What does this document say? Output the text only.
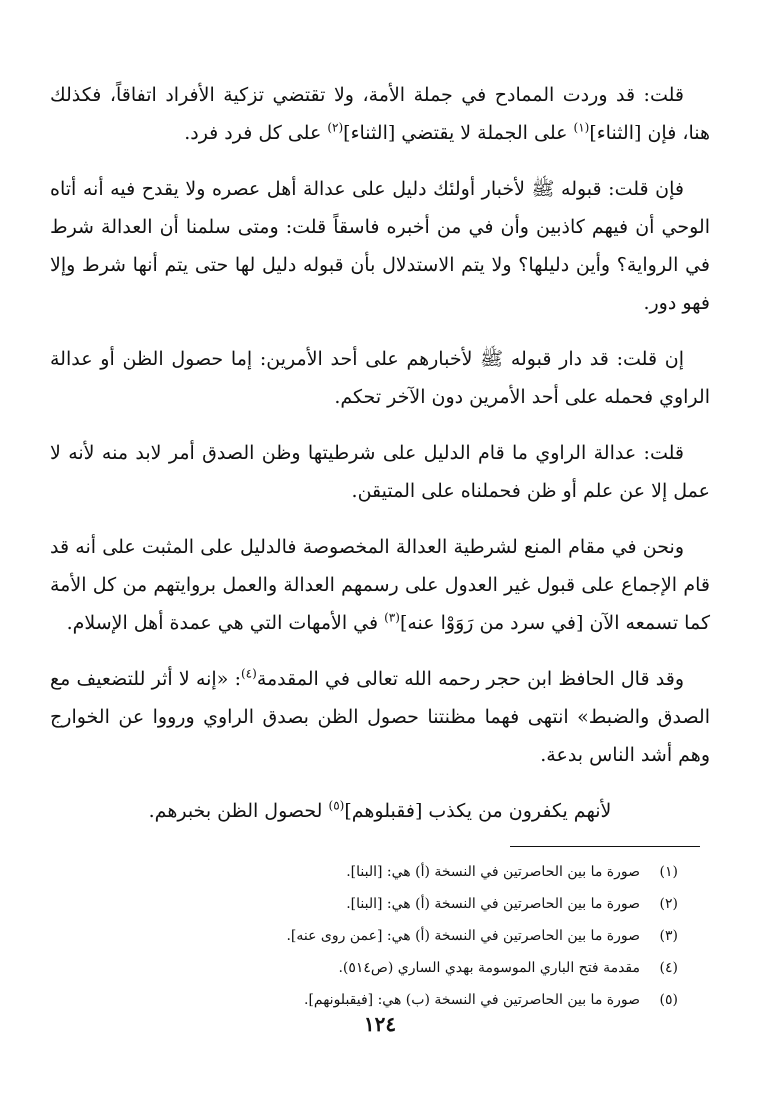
قلت: قد وردت الممادح في جملة الأمة، ولا تقتضي تزكية الأفراد اتفاقاً، فكذلك هنا، فإن [الثناء]$^{(١)}$ على الجملة لا يقتضي [الثناء]$^{(٢)}$ على كل فرد فرد.

فإن قلت: قبوله ﷺ لأخبار أولئك دليل على عدالة أهل عصره ولا يقدح فيه أنه أتاه الوحي أن فيهم كاذبين وأن في من أخبره فاسقاً قلت: ومتى سلمنا أن العدالة شرط في الرواية؟ وأين دليلها؟ ولا يتم الاستدلال بأن قبوله دليل لها حتى يتم أنها شرط وإلا فهو دور.

إن قلت: قد دار قبوله ﷺ لأخبارهم على أحد الأمرين: إما حصول الظن أو عدالة الراوي فحمله على أحد الأمرين دون الآخر تحكم.

قلت: عدالة الراوي ما قام الدليل على شرطيتها وظن الصدق أمر لابد منه لأنه لا عمل إلا عن علم أو ظن فحملناه على المتيقن.

ونحن في مقام المنع لشرطية العدالة المخصوصة فالدليل على المثبت على أنه قد قام الإجماع على قبول غير العدول على رسمهم العدالة والعمل بروايتهم من كل الأمة كما تسمعه الآن [في سرد من رَوَوْا عنه]$^{(٣)}$ في الأمهات التي هي عمدة أهل الإسلام.

وقد قال الحافظ ابن حجر رحمه الله تعالى في المقدمة$^{(٤)}$: «إنه لا أثر للتضعيف مع الصدق والضبط» انتهى فهما مظنتنا حصول الظن بصدق الراوي ورووا عن الخوارج وهم أشد الناس بدعة.

لأنهم يكفرون من يكذب [فقبلوهم]$^{(٥)}$ لحصول الظن بخبرهم.

(١)صورة ما بين الحاصرتين في النسخة (أ) هي: [البنا].
(٢)صورة ما بين الحاصرتين في النسخة (أ) هي: [البنا].
(٣)صورة ما بين الحاصرتين في النسخة (أ) هي: [عمن روى عنه].
(٤)مقدمة فتح الباري الموسومة بهدي الساري (ص٥١٤).
(٥)صورة ما بين الحاصرتين في النسخة (ب) هي: [فيقبلونهم].
١٢٤
